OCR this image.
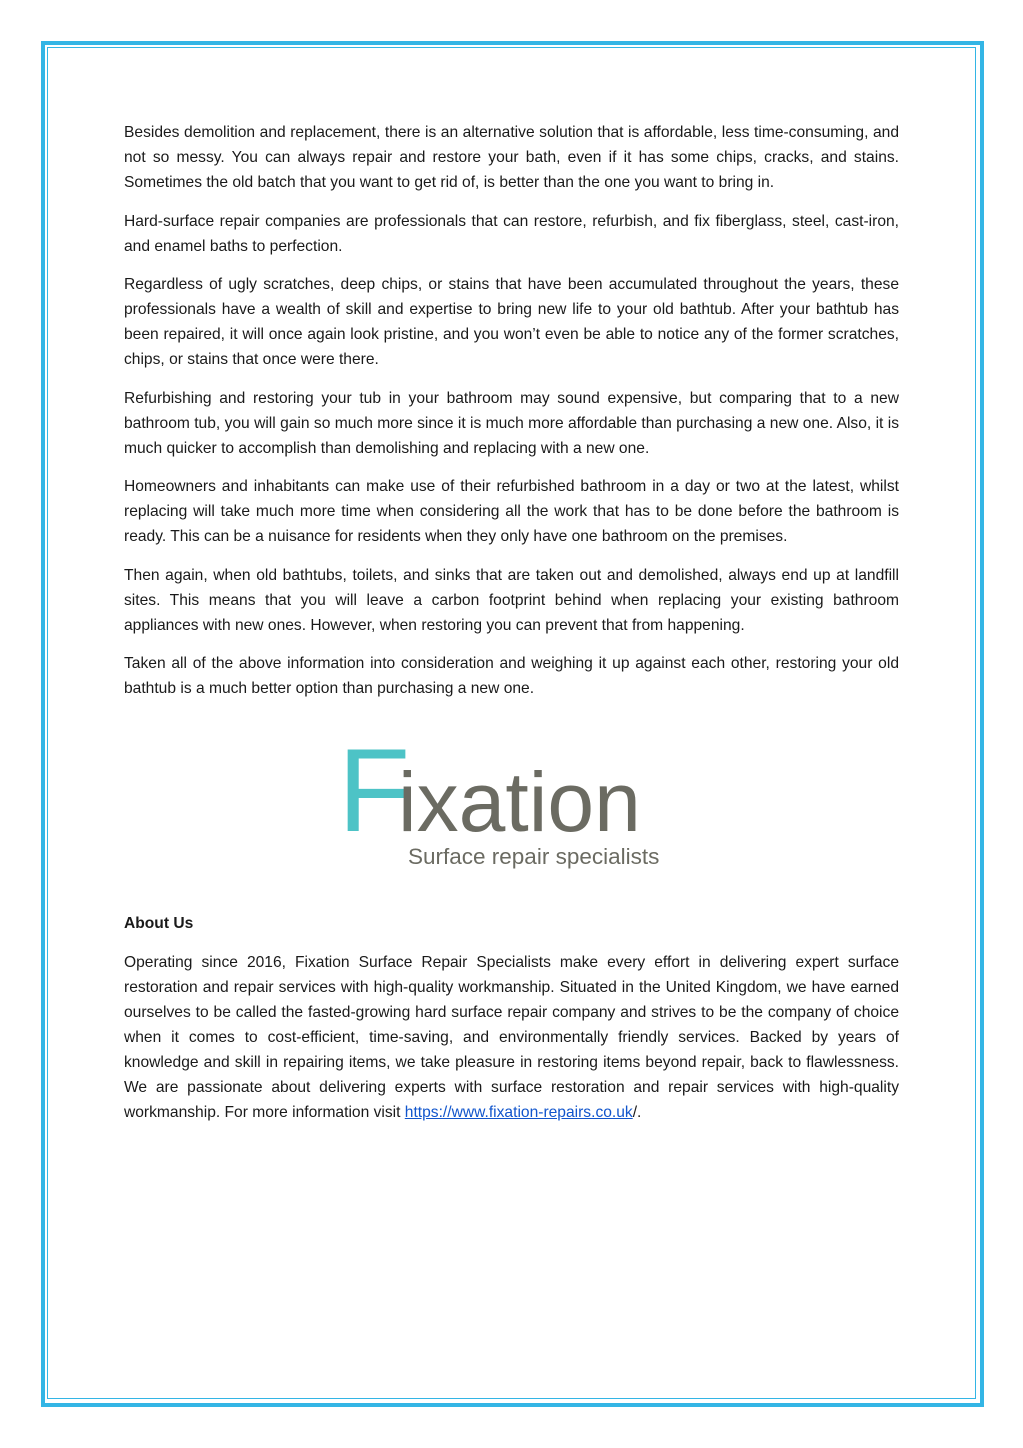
Besides demolition and replacement, there is an alternative solution that is affordable, less time-consuming, and not so messy. You can always repair and restore your bath, even if it has some chips, cracks, and stains. Sometimes the old batch that you want to get rid of, is better than the one you want to bring in.

Hard-surface repair companies are professionals that can restore, refurbish, and fix fiberglass, steel, cast-iron, and enamel baths to perfection.

Regardless of ugly scratches, deep chips, or stains that have been accumulated throughout the years, these professionals have a wealth of skill and expertise to bring new life to your old bathtub. After your bathtub has been repaired, it will once again look pristine, and you won’t even be able to notice any of the former scratches, chips, or stains that once were there.

Refurbishing and restoring your tub in your bathroom may sound expensive, but comparing that to a new bathroom tub, you will gain so much more since it is much more affordable than purchasing a new one. Also, it is much quicker to accomplish than demolishing and replacing with a new one.

Homeowners and inhabitants can make use of their refurbished bathroom in a day or two at the latest, whilst replacing will take much more time when considering all the work that has to be done before the bathroom is ready. This can be a nuisance for residents when they only have one bathroom on the premises.

Then again, when old bathtubs, toilets, and sinks that are taken out and demolished, always end up at landfill sites. This means that you will leave a carbon footprint behind when replacing your existing bathroom appliances with new ones. However, when restoring you can prevent that from happening.

Taken all of the above information into consideration and weighing it up against each other, restoring your old bathtub is a much better option than purchasing a new one.

F
ixation
Surface repair specialists

About Us

Operating since 2016, Fixation Surface Repair Specialists make every effort in delivering expert surface restoration and repair services with high-quality workmanship. Situated in the United Kingdom, we have earned ourselves to be called the fasted-growing hard surface repair company and strives to be the company of choice when it comes to cost-efficient, time-saving, and environmentally friendly services. Backed by years of knowledge and skill in repairing items, we take pleasure in restoring items beyond repair, back to flawlessness. We are passionate about delivering experts with surface restoration and repair services with high-quality workmanship. For more information visit https://www.fixation-repairs.co.uk/.
